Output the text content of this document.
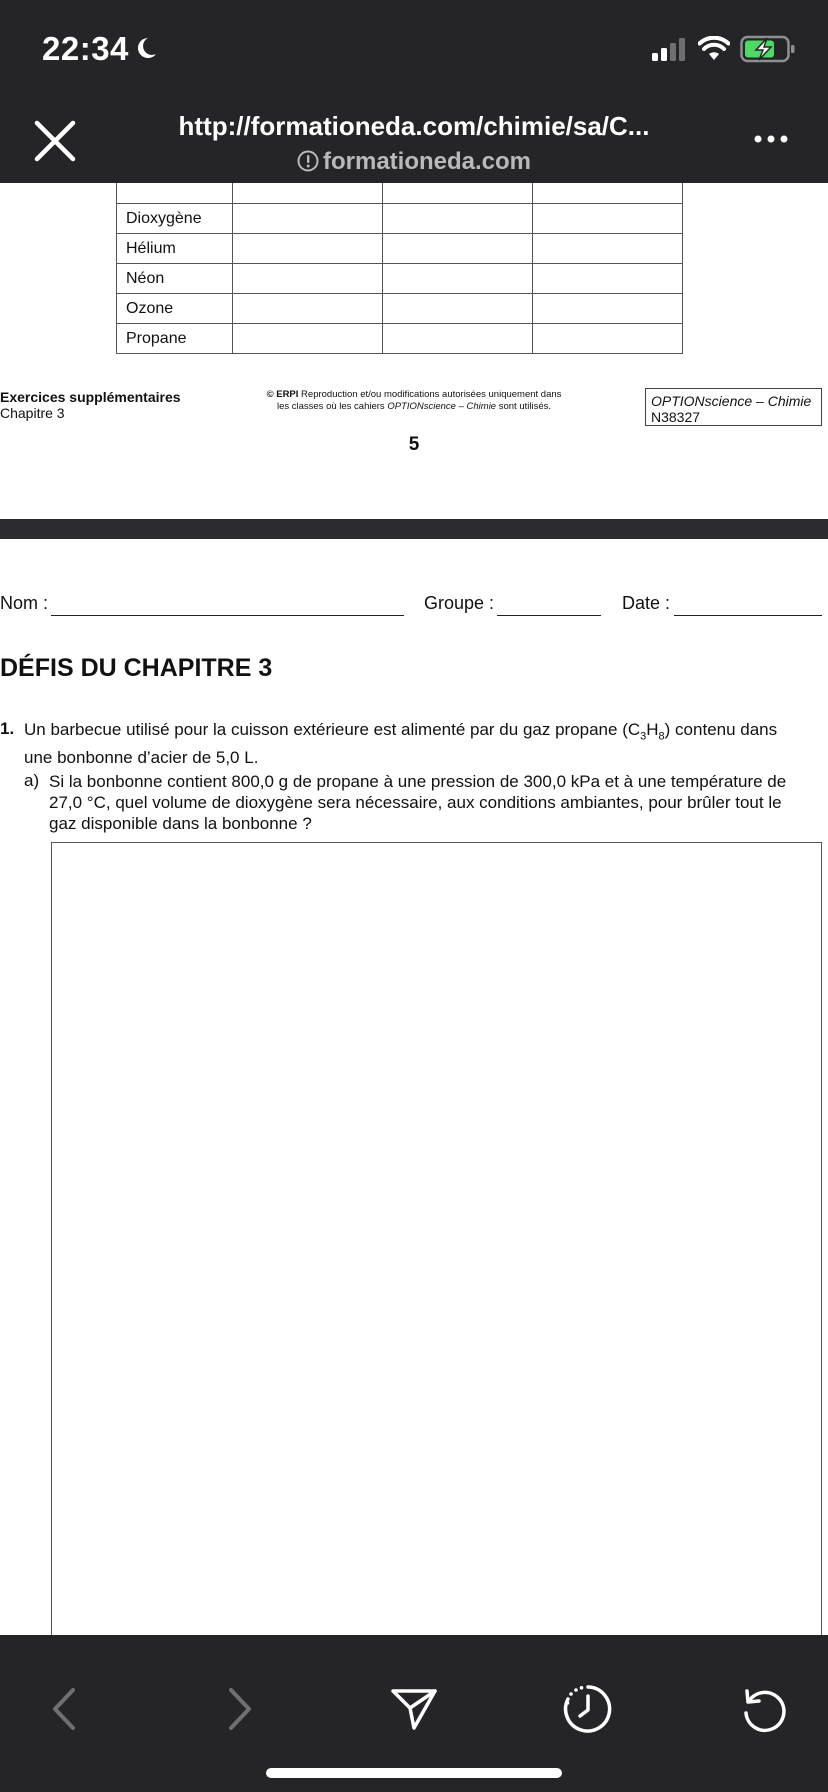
22:34
http://formationeda.com/chimie/sa/C...
formationeda.com

Dioxygène			
Hélium			
Néon			
Ozone			
Propane			
Exercices supplémentaires
Chapitre 3
© ERPI Reproduction et/ou modifications autorisées uniquement dans
les classes où les cahiers OPTIONscience – Chimie sont utilisés.	OPTIONscience – Chimie
N38327
5
Nom :	Groupe :	Date :
DÉFIS DU CHAPITRE 3
1. Un barbecue utilisé pour la cuisson extérieure est alimenté par du gaz propane $(C_3H_8)$ contenu dans une bonbonne d’acier de 5,0 L.
a) Si la bonbonne contient 800,0 g de propane à une pression de 300,0 kPa et à une température de 27,0 °C, quel volume de dioxygène sera nécessaire, aux conditions ambiantes, pour brûler tout le gaz disponible dans la bonbonne ?
